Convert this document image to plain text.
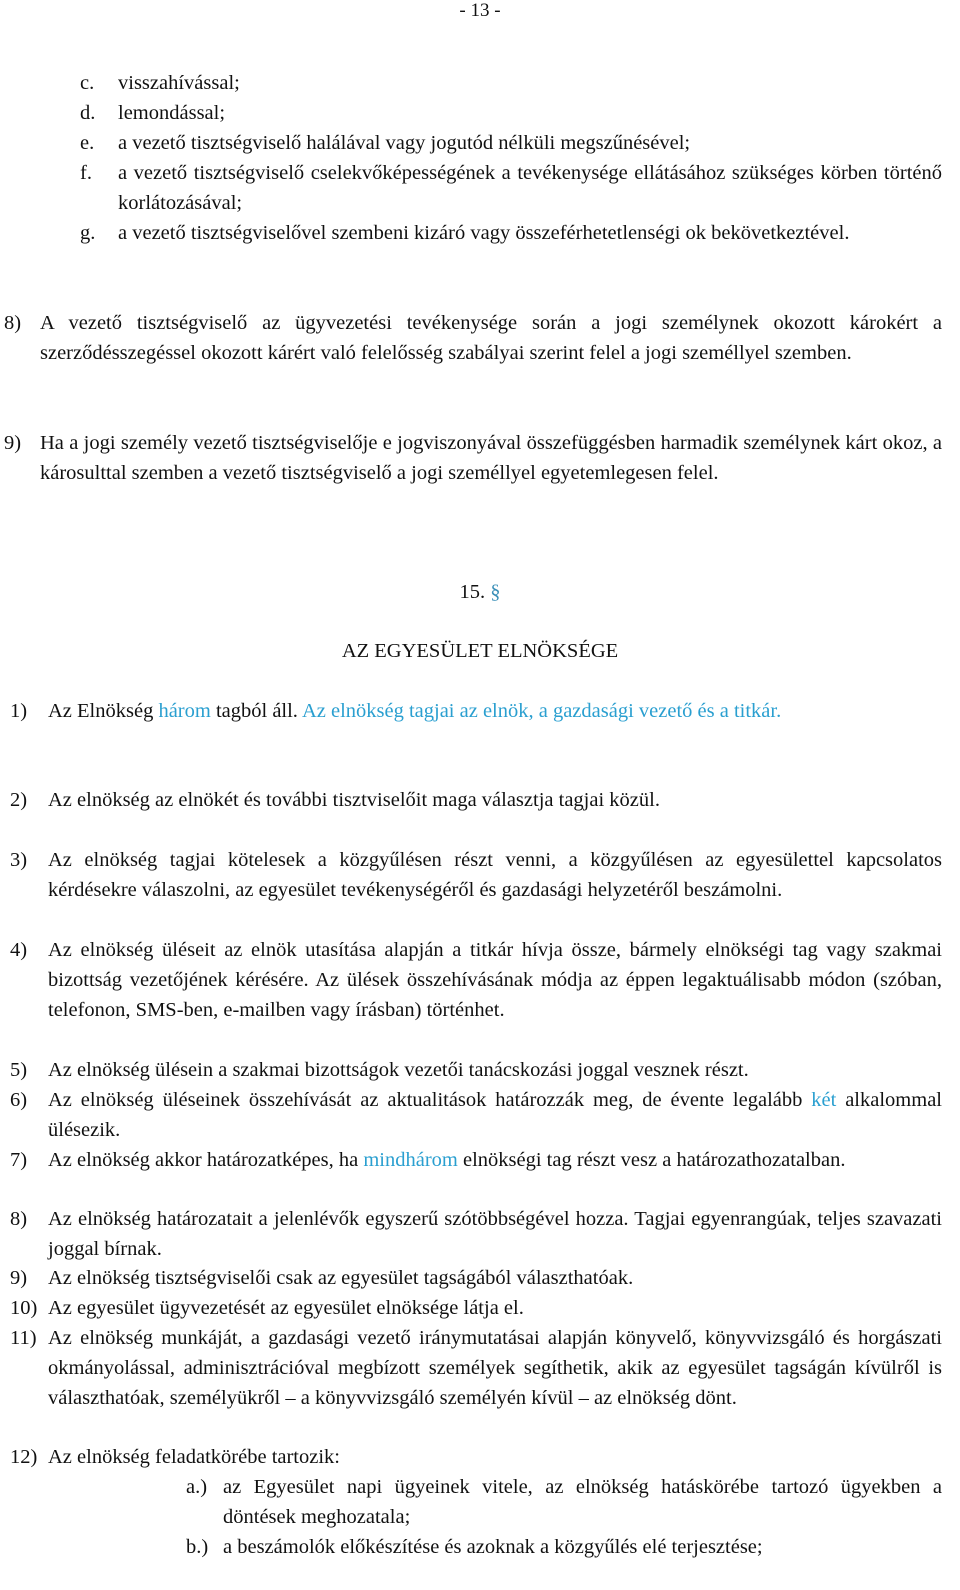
- 13 -
c. visszahívással;
d. lemondással;
e. a vezető tisztségviselő halálával vagy jogutód nélküli megszűnésével;
f. a vezető tisztségviselő cselekvőképességének a tevékenysége ellátásához szükséges körben történő korlátozásával;
g. a vezető tisztségviselővel szembeni kizáró vagy összeférhetetlenségi ok bekövetkeztével.
8) A vezető tisztségviselő az ügyvezetési tevékenysége során a jogi személynek okozott károkért a szerződésszegéssel okozott kárért való felelősség szabályai szerint felel a jogi személlyel szemben.
9) Ha a jogi személy vezető tisztségviselője e jogviszonyával összefüggésben harmadik személynek kárt okoz, a károsulttal szemben a vezető tisztségviselő a jogi személlyel egyetemlegesen felel.
15. §
AZ EGYESÜLET ELNÖKSÉGE
1) Az Elnökség három tagból áll. Az elnökség tagjai az elnök, a gazdasági vezető és a titkár.
2) Az elnökség az elnökét és további tisztviselőit maga választja tagjai közül.
3) Az elnökség tagjai kötelesek a közgyűlésen részt venni, a közgyűlésen az egyesülettel kapcsolatos kérdésekre válaszolni, az egyesület tevékenységéről és gazdasági helyzetéről beszámolni.
4) Az elnökség üléseit az elnök utasítása alapján a titkár hívja össze, bármely elnökségi tag vagy szakmai bizottság vezetőjének kérésére. Az ülések összehívásának módja az éppen legaktuálisabb módon (szóban, telefonon, SMS-ben, e-mailben vagy írásban) történhet.
5) Az elnökség ülésein a szakmai bizottságok vezetői tanácskozási joggal vesznek részt.
6) Az elnökség üléseinek összehívását az aktualitások határozzák meg, de évente legalább két alkalommal ülésezik.
7) Az elnökség akkor határozatképes, ha mindhárom elnökségi tag részt vesz a határozathozatalban.
8) Az elnökség határozatait a jelenlévők egyszerű szótöbbségével hozza. Tagjai egyenrangúak, teljes szavazati joggal bírnak.
9) Az elnökség tisztségviselői csak az egyesület tagságából választhatóak.
10) Az egyesület ügyvezetését az egyesület elnöksége látja el.
11) Az elnökség munkáját, a gazdasági vezető iránymutatásai alapján könyvelő, könyvvizsgáló és horgászati okmányolással, adminisztrációval megbízott személyek segíthetik, akik az egyesület tagságán kívülről is választhatóak, személyükről – a könyvvizsgáló személyén kívül – az elnökség dönt.
12) Az elnökség feladatkörébe tartozik:
a.) az Egyesület napi ügyeinek vitele, az elnökség hatáskörébe tartozó ügyekben a döntések meghozatala;
b.) a beszámolók előkészítése és azoknak a közgyűlés elé terjesztése;
